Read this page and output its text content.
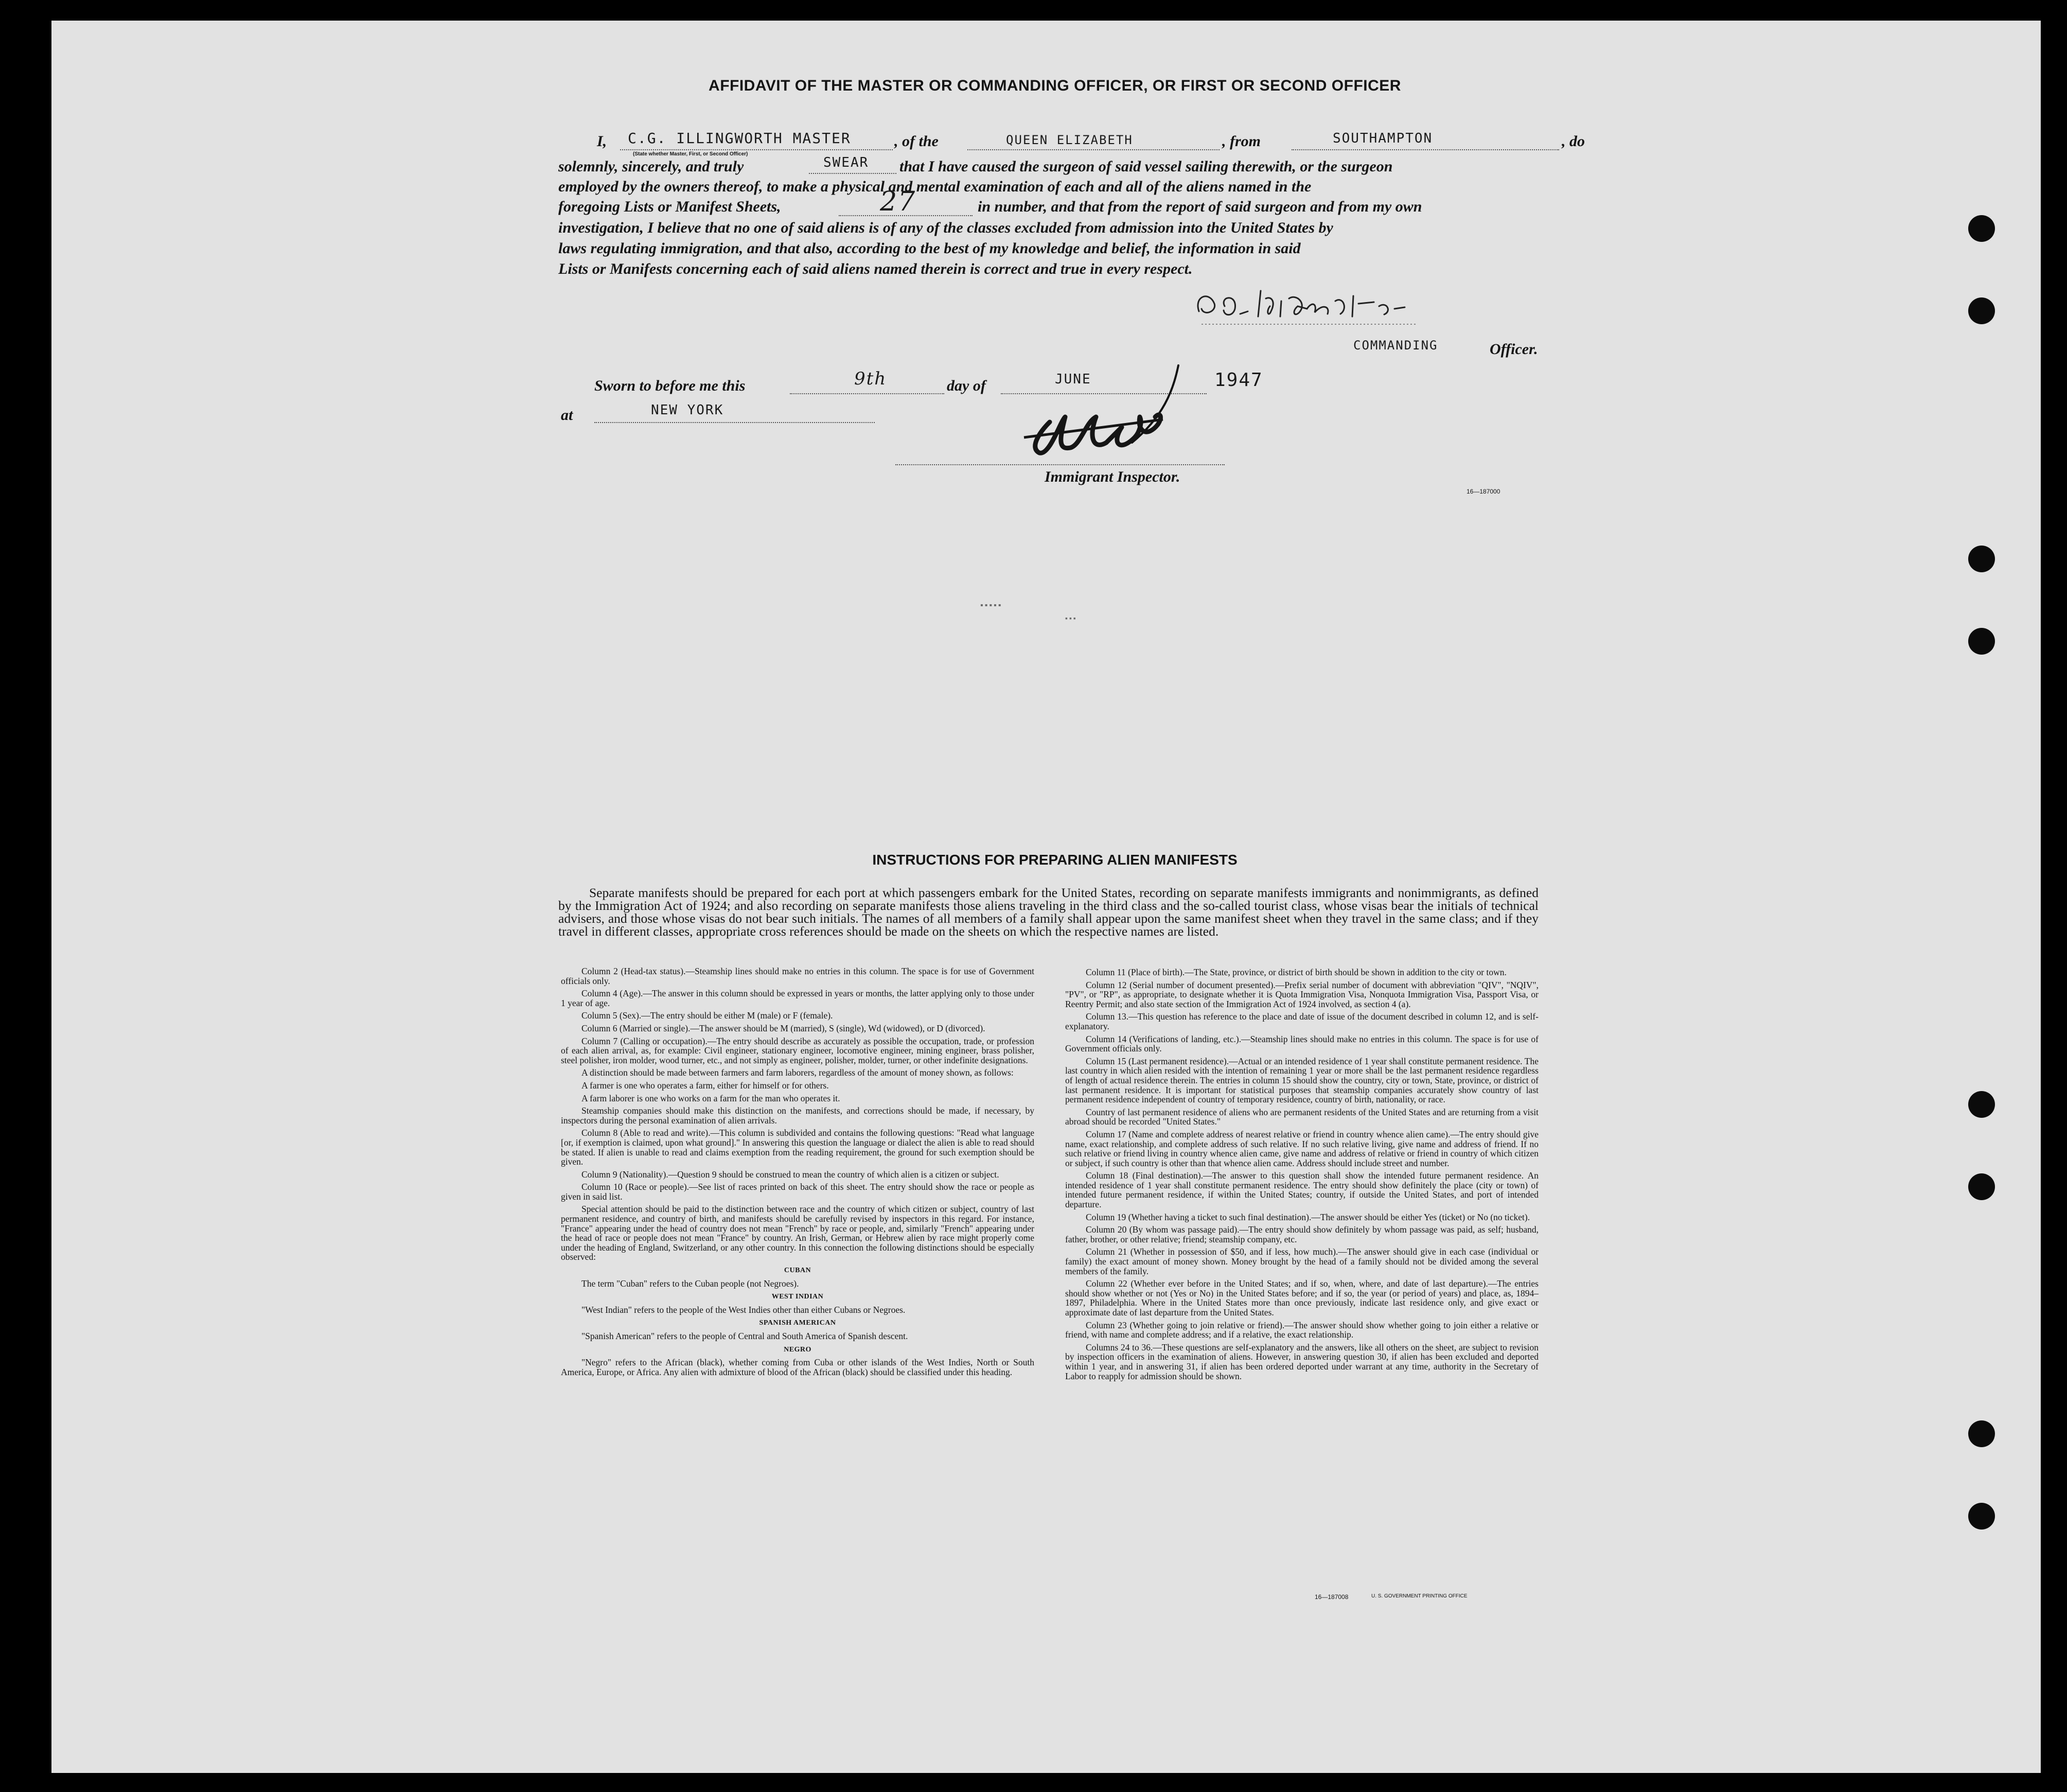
AFFIDAVIT OF THE MASTER OR COMMANDING OFFICER, OR FIRST OR SECOND OFFICER
I, C.G. ILLINGWORTH MASTER
(State whether Master, First, or Second Officer)
, of the	QUEEN ELIZABETH	, from	SOUTHAMPTON	, do
solemnly, sincerely, and truly	SWEAR that I have caused the surgeon of said vessel sailing therewith, or the surgeon
employed by the owners thereof, to make a physical and mental examination of each and all of the aliens named in the
foregoing Lists or Manifest Sheets,	27	in number, and that from the report of said surgeon and from my own
investigation, I believe that no one of said aliens is of any of the classes excluded from admission into the United States by
laws regulating immigration, and that also, according to the best of my knowledge and belief, the information in said
Lists or Manifests concerning each of said aliens named therein is correct and true in every respect.
COMMANDING	Officer.
Sworn to before me this	9th	day of	JUNE	1947
at	NEW YORK
Immigrant Inspector.
16—187000
▪▪▪▪▪
▪▪▪
INSTRUCTIONS FOR PREPARING ALIEN MANIFESTS
Separate manifests should be prepared for each port at which passengers embark for the United States, recording on separate manifests immigrants and nonimmigrants, as defined by the Immigration Act of 1924; and also recording on separate manifests those aliens traveling in the third class and the so-called tourist class, whose visas bear the initials of technical advisers, and those whose visas do not bear such initials. The names of all members of a family shall appear upon the same manifest sheet when they travel in the same class; and if they travel in different classes, appropriate cross references should be made on the sheets on which the respective names are listed.

Column 2 (Head-tax status).—Steamship lines should make no entries in this column. The space is for use of Government officials only.

Column 4 (Age).—The answer in this column should be expressed in years or months, the latter applying only to those under 1 year of age.

Column 5 (Sex).—The entry should be either M (male) or F (female).

Column 6 (Married or single).—The answer should be M (married), S (single), Wd (widowed), or D (divorced).

Column 7 (Calling or occupation).—The entry should describe as accurately as possible the occupation, trade, or profession of each alien arrival, as, for example: Civil engineer, stationary engineer, locomotive engineer, mining engineer, brass polisher, steel polisher, iron molder, wood turner, etc., and not simply as engineer, polisher, molder, turner, or other indefinite designations.

A distinction should be made between farmers and farm laborers, regardless of the amount of money shown, as follows:

A farmer is one who operates a farm, either for himself or for others.

A farm laborer is one who works on a farm for the man who operates it.

Steamship companies should make this distinction on the manifests, and corrections should be made, if necessary, by inspectors during the personal examination of alien arrivals.

Column 8 (Able to read and write).—This column is subdivided and contains the following questions: "Read what language [or, if exemption is claimed, upon what ground]." In answering this question the language or dialect the alien is able to read should be stated. If alien is unable to read and claims exemption from the reading requirement, the ground for such exemption should be given.

Column 9 (Nationality).—Question 9 should be construed to mean the country of which alien is a citizen or subject.

Column 10 (Race or people).—See list of races printed on back of this sheet. The entry should show the race or people as given in said list.

Special attention should be paid to the distinction between race and the country of which citizen or subject, country of last permanent residence, and country of birth, and manifests should be carefully revised by inspectors in this regard. For instance, "France" appearing under the head of country does not mean "French" by race or people, and, similarly "French" appearing under the head of race or people does not mean "France" by country. An Irish, German, or Hebrew alien by race might properly come under the heading of England, Switzerland, or any other country. In this connection the following distinctions should be especially observed:

CUBAN

The term "Cuban" refers to the Cuban people (not Negroes).

WEST INDIAN

"West Indian" refers to the people of the West Indies other than either Cubans or Negroes.

SPANISH AMERICAN

"Spanish American" refers to the people of Central and South America of Spanish descent.

NEGRO

"Negro" refers to the African (black), whether coming from Cuba or other islands of the West Indies, North or South America, Europe, or Africa. Any alien with admixture of blood of the African (black) should be classified under this heading.

Column 11 (Place of birth).—The State, province, or district of birth should be shown in addition to the city or town.

Column 12 (Serial number of document presented).—Prefix serial number of document with abbreviation "QIV", "NQIV", "PV", or "RP", as appropriate, to designate whether it is Quota Immigration Visa, Nonquota Immigration Visa, Passport Visa, or Reentry Permit; and also state section of the Immigration Act of 1924 involved, as section 4 (a).

Column 13.—This question has reference to the place and date of issue of the document described in column 12, and is self-explanatory.

Column 14 (Verifications of landing, etc.).—Steamship lines should make no entries in this column. The space is for use of Government officials only.

Column 15 (Last permanent residence).—Actual or an intended residence of 1 year shall constitute permanent residence. The last country in which alien resided with the intention of remaining 1 year or more shall be the last permanent residence regardless of length of actual residence therein. The entries in column 15 should show the country, city or town, State, province, or district of last permanent residence. It is important for statistical purposes that steamship companies accurately show country of last permanent residence independent of country of temporary residence, country of birth, nationality, or race.

Country of last permanent residence of aliens who are permanent residents of the United States and are returning from a visit abroad should be recorded "United States."

Column 17 (Name and complete address of nearest relative or friend in country whence alien came).—The entry should give name, exact relationship, and complete address of such relative. If no such relative living, give name and address of friend. If no such relative or friend living in country whence alien came, give name and address of relative or friend in country of which citizen or subject, if such country is other than that whence alien came. Address should include street and number.

Column 18 (Final destination).—The answer to this question shall show the intended future permanent residence. An intended residence of 1 year shall constitute permanent residence. The entry should show definitely the place (city or town) of intended future permanent residence, if within the United States; country, if outside the United States, and port of intended departure.

Column 19 (Whether having a ticket to such final destination).—The answer should be either Yes (ticket) or No (no ticket).

Column 20 (By whom was passage paid).—The entry should show definitely by whom passage was paid, as self; husband, father, brother, or other relative; friend; steamship company, etc.

Column 21 (Whether in possession of $50, and if less, how much).—The answer should give in each case (individual or family) the exact amount of money shown. Money brought by the head of a family should not be divided among the several members of the family.

Column 22 (Whether ever before in the United States; and if so, when, where, and date of last departure).—The entries should show whether or not (Yes or No) in the United States before; and if so, the year (or period of years) and place, as, 1894–1897, Philadelphia. Where in the United States more than once previously, indicate last residence only, and give exact or approximate date of last departure from the United States.

Column 23 (Whether going to join relative or friend).—The answer should show whether going to join either a relative or friend, with name and complete address; and if a relative, the exact relationship.

Columns 24 to 36.—These questions are self-explanatory and the answers, like all others on the sheet, are subject to revision by inspection officers in the examination of aliens. However, in answering question 30, if alien has been excluded and deported within 1 year, and in answering 31, if alien has been ordered deported under warrant at any time, authority in the Secretary of Labor to reapply for admission should be shown.

16—187008	U. S. GOVERNMENT PRINTING OFFICE
